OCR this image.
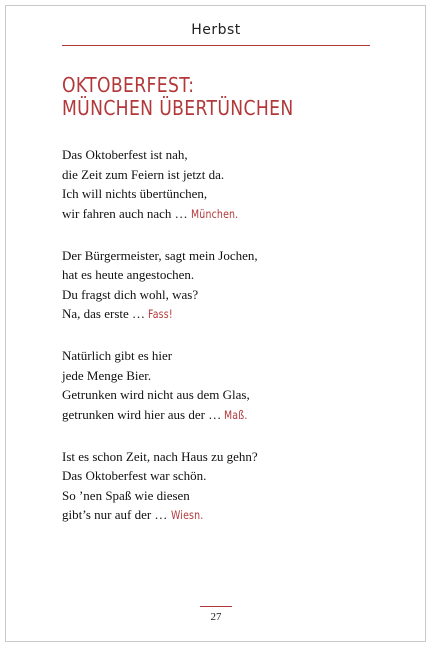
Herbst
OKTOBERFEST:
MÜNCHEN ÜBERTÜNCHEN
Das Oktoberfest ist nah,
die Zeit zum Feiern ist jetzt da.
Ich will nichts übertünchen,
wir fahren auch nach … München.
Der Bürgermeister, sagt mein Jochen,
hat es heute angestochen.
Du fragst dich wohl, was?
Na, das erste … Fass!
Natürlich gibt es hier
jede Menge Bier.
Getrunken wird nicht aus dem Glas,
getrunken wird hier aus der … Maß.
Ist es schon Zeit, nach Haus zu gehn?
Das Oktoberfest war schön.
So ’nen Spaß wie diesen
gibt’s nur auf der … Wiesn.
27
